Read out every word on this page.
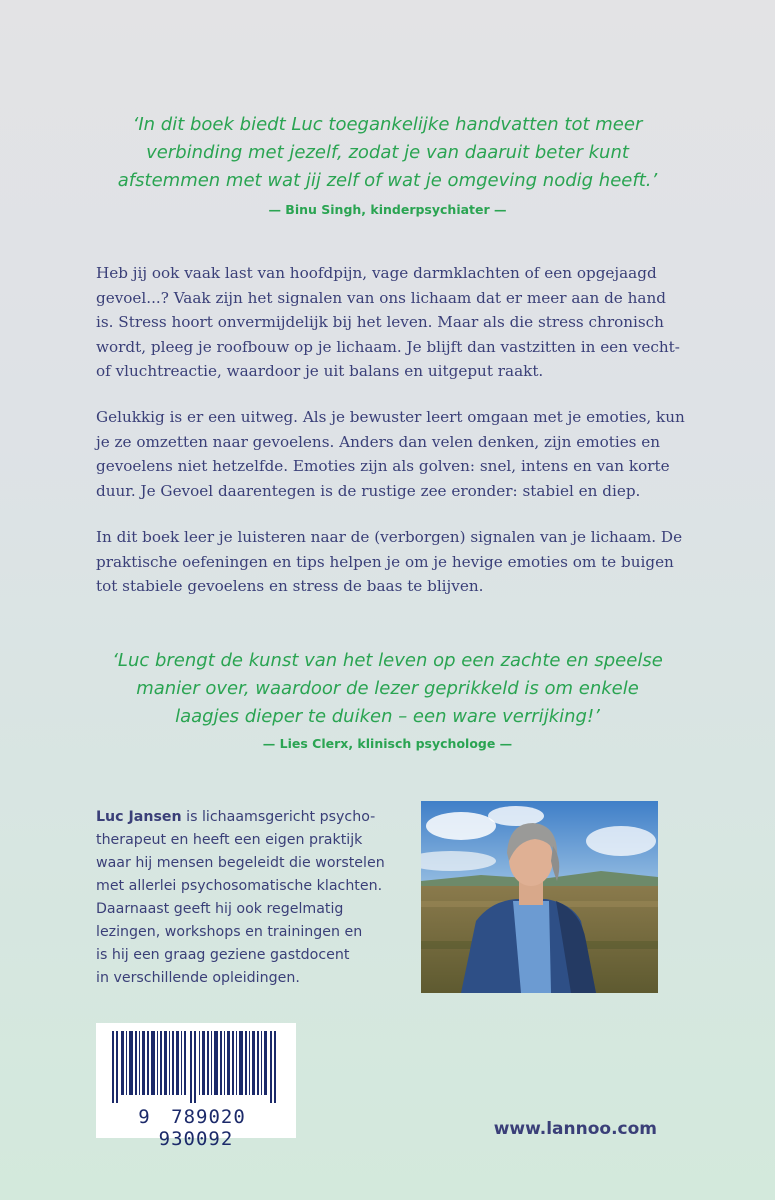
‘In dit boek biedt Luc toegankelijke handvatten tot meer
verbinding met jezelf, zodat je van daaruit beter kunt
afstemmen met wat jij zelf of wat je omgeving nodig heeft.’
— Binu Singh, kinderpsychiater —
Heb jij ook vaak last van hoofdpijn, vage darmklachten of een opgejaagd
gevoel...? Vaak zijn het signalen van ons lichaam dat er meer aan de hand
is. Stress hoort onvermijdelijk bij het leven. Maar als die stress chronisch
wordt, pleeg je roofbouw op je lichaam. Je blijft dan vastzitten in een vecht-
of vluchtreactie, waardoor je uit balans en uitgeput raakt.
Gelukkig is er een uitweg. Als je bewuster leert omgaan met je emoties, kun
je ze omzetten naar gevoelens. Anders dan velen denken, zijn emoties en
gevoelens niet hetzelfde. Emoties zijn als golven: snel, intens en van korte
duur. Je Gevoel daarentegen is de rustige zee eronder: stabiel en diep.
In dit boek leer je luisteren naar de (verborgen) signalen van je lichaam. De
praktische oefeningen en tips helpen je om je hevige emoties om te buigen
tot stabiele gevoelens en stress de baas te blijven.
‘Luc brengt de kunst van het leven op een zachte en speelse
manier over, waardoor de lezer geprikkeld is om enkele
laagjes dieper te duiken – een ware verrijking!’
— Lies Clerx, klinisch psychologe —
Luc Jansen is lichaamsgericht psycho-
therapeut en heeft een eigen praktijk
waar hij mensen begeleidt die worstelen
met allerlei psychosomatische klachten.
Daarnaast geeft hij ook regelmatig
lezingen, workshops en trainingen en
is hij een graag geziene gastdocent
in verschillende opleidingen.
9 789020 930092	www.lannoo.com
